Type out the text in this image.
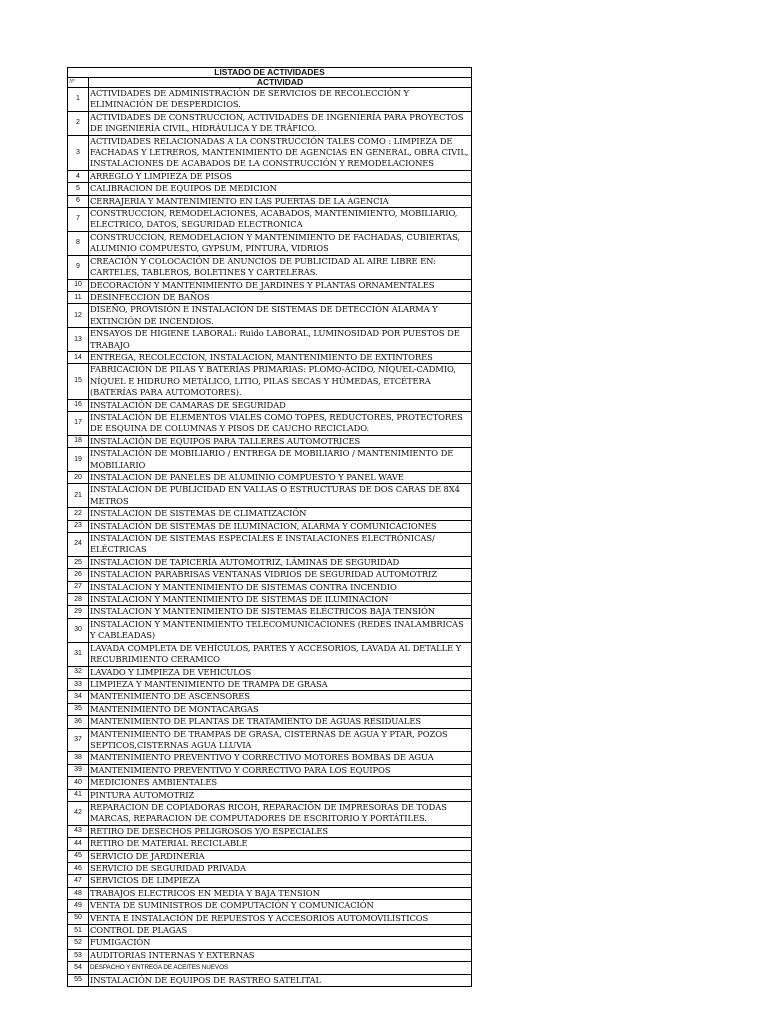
LISTADO DE ACTIVIDADES	
Nº	ACTIVIDAD
1	ACTIVIDADES DE ADMINISTRACIÓN DE SERVICIOS DE RECOLECCIÓN Y ELIMINACIÓN DE DESPERDICIOS.
2	ACTIVIDADES DE CONSTRUCCION, ACTIVIDADES DE INGENIERÍA PARA PROYECTOS DE INGENIERÍA CIVIL, HIDRÁULICA Y DE TRÁFICO.
3	ACTIVIDADES RELACIONADAS A LA CONSTRUCCIÓN TALES COMO : LIMPIEZA DE FACHADAS Y LETREROS, MANTENIMIENTO DE AGENCIAS EN GENERAL, OBRA CIVIL, INSTALACIONES DE ACABADOS DE LA CONSTRUCCIÓN Y REMODELACIONES
4	ARREGLO Y LIMPIEZA DE PISOS
5	CALIBRACION DE EQUIPOS DE MEDICION
6	CERRAJERIA Y MANTENIMIENTO EN LAS PUERTAS DE LA AGENCIA
7	CONSTRUCCION, REMODELACIONES, ACABADOS, MANTENIMIENTO, MOBILIARIO, ELECTRICO, DATOS, SEGURIDAD ELECTRONICA
8	CONSTRUCCION, REMODELACION Y MANTENIMIENTO DE FACHADAS, CUBIERTAS, ALUMINIO COMPUESTO, GYPSUM, PINTURA, VIDRIOS
9	CREACIÓN Y COLOCACIÓN DE ANUNCIOS DE PUBLICIDAD AL AIRE LIBRE EN: CARTELES, TABLEROS, BOLETINES Y CARTELERAS.
10	DECORACIÓN Y MANTENIMIENTO DE JARDINES Y PLANTAS ORNAMENTALES
11	DESINFECCION DE BAÑOS
12	DISEÑO, PROVISIÓN E INSTALACIÓN DE SISTEMAS DE DETECCIÓN ALARMA Y EXTINCIÓN DE INCENDIOS.
13	ENSAYOS DE HIGIENE LABORAL: Ruido LABORAL, LUMINOSIDAD POR PUESTOS DE TRABAJO
14	ENTREGA, RECOLECCION, INSTALACION, MANTENIMIENTO DE EXTINTORES
15	FABRICACIÓN DE PILAS Y BATERÍAS PRIMARIAS: PLOMO-ÁCIDO, NÍQUEL-CADMIO, NÍQUEL E HIDRURO METÁLICO, LITIO, PILAS SECAS Y HÚMEDAS, ETCÉTERA (BATERÍAS PARA AUTOMOTORES).
16	INSTALACIÓN DE CAMARAS DE SEGURIDAD
17	INSTALACIÓN DE ELEMENTOS VIALES COMO TOPES, REDUCTORES, PROTECTORES DE ESQUINA DE COLUMNAS Y PISOS DE CAUCHO RECICLADO.
18	INSTALACIÓN DE EQUIPOS PARA TALLERES AUTOMOTRICES
19	INSTALACIÓN DE MOBILIARIO / ENTREGA DE MOBILIARIO / MANTENIMIENTO DE MOBILIARIO
20	INSTALACION DE PANELES DE ALUMINIO COMPUESTO Y PANEL WAVE
21	INSTALACION DE PUBLICIDAD EN VALLAS O ESTRUCTURAS DE DOS CARAS DE 8X4 METROS
22	INSTALACION DE SISTEMAS DE CLIMATIZACIÓN
23	INSTALACIÓN DE SISTEMAS DE ILUMINACION, ALARMA Y COMUNICACIONES
24	INSTALACIÓN DE SISTEMAS ESPECIALES E INSTALACIONES ELECTRÓNICAS/ ELÉCTRICAS
25	INSTALACION DE TAPICERÍA AUTOMOTRIZ, LÁMINAS DE SEGURIDAD
26	INSTALACION PARABRISAS VENTANAS VIDRIOS DE SEGURIDAD AUTOMOTRIZ
27	INSTALACION Y MANTENIMIENTO DE SISTEMAS CONTRA INCENDIO
28	INSTALACION Y MANTENIMIENTO DE SISTEMAS DE ILUMINACION
29	INSTALACION Y MANTENIMIENTO DE SISTEMAS ELÉCTRICOS BAJA TENSIÓN
30	INSTALACION Y MANTENIMIENTO TELECOMUNICACIONES (REDES INALAMBRICAS Y CABLEADAS)
31	LAVADA COMPLETA DE VEHÍCULOS, PARTES Y ACCESORIOS, LAVADA AL DETALLE Y RECUBRIMIENTO CERAMICO
32	LAVADO Y LIMPIEZA DE VEHICULOS
33	LIMPIEZA Y MANTENIMIENTO DE TRAMPA DE GRASA
34	MANTENIMIENTO DE ASCENSORES
35	MANTENIMIENTO DE MONTACARGAS
36	MANTENIMIENTO DE PLANTAS DE TRATAMIENTO DE AGUAS RESIDUALES
37	MANTENIMIENTO DE TRAMPAS DE GRASA, CISTERNAS DE AGUA Y PTAR, POZOS SEPTICOS,CISTERNAS AGUA LLUVIA
38	MANTENIMIENTO PREVENTIVO Y CORRECTIVO MOTORES BOMBAS DE AGUA
39	MANTENIMIENTO PREVENTIVO Y CORRECTIVO PARA LOS EQUIPOS
40	MEDICIONES AMBIENTALES
41	PINTURA AUTOMOTRIZ
42	REPARACION DE COPIADORAS RICOH, REPARACIÓN DE IMPRESORAS DE TODAS MARCAS, REPARACION DE COMPUTADORES DE ESCRITORIO Y PORTÁTILES.
43	RETIRO DE DESECHOS PELIGROSOS Y/O ESPECIALES
44	RETIRO DE MATERIAL RECICLABLE
45	SERVICIO DE JARDINERIA
46	SERVICIO DE SEGURIDAD PRIVADA
47	SERVICIOS DE LIMPIEZA
48	TRABAJOS ELECTRICOS EN MEDIA Y BAJA TENSION
49	VENTA DE SUMINISTROS DE COMPUTACIÓN Y COMUNICACIÓN
50	VENTA E INSTALACIÓN DE REPUESTOS Y ACCESORIOS AUTOMOVILÍSTICOS
51	CONTROL DE PLAGAS
52	FUMIGACIÓN
53	AUDITORIAS INTERNAS Y EXTERNAS
54	DESPACHO Y ENTREGA DE ACEITES NUEVOS
55	INSTALACIÓN DE EQUIPOS DE RASTREO SATELITAL
